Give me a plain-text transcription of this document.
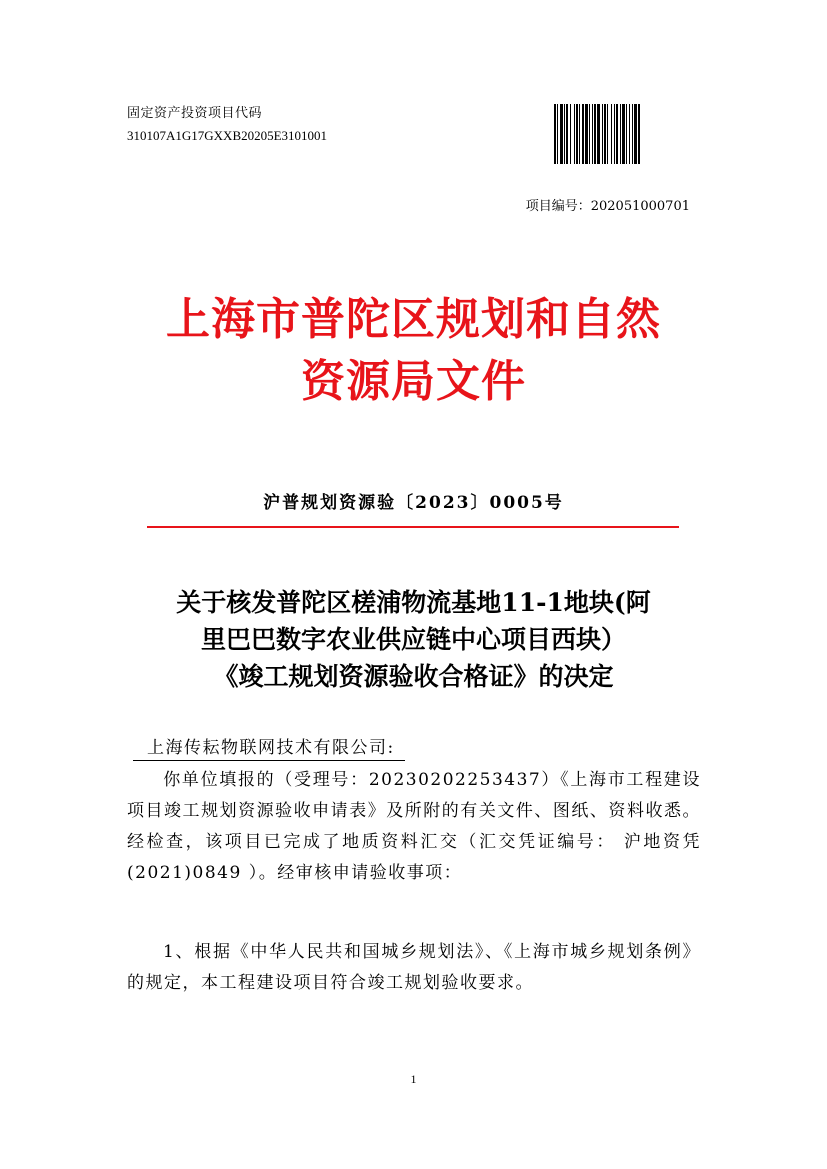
固定资产投资项目代码
310107A1G17GXXB20205E3101001
项目编号：202051000701
上海市普陀区规划和自然
资源局文件
沪普规划资源验〔2023〕0005号
关于核发普陀区槎浦物流基地11-1地块(阿
里巴巴数字农业供应链中心项目西块）
《竣工规划资源验收合格证》的决定
上海传耘物联网技术有限公司:
你单位填报的（受理号：20230202253437）《上海市工程建设项目竣工规划资源验收申请表》及所附的有关文件、图纸、资料收悉。经检查，该项目已完成了地质资料汇交（汇交凭证编号： 沪地资凭(2021)0849 ）。经审核申请验收事项：
1、根据《中华人民共和国城乡规划法》、《上海市城乡规划条例》的规定，本工程建设项目符合竣工规划验收要求。
1
